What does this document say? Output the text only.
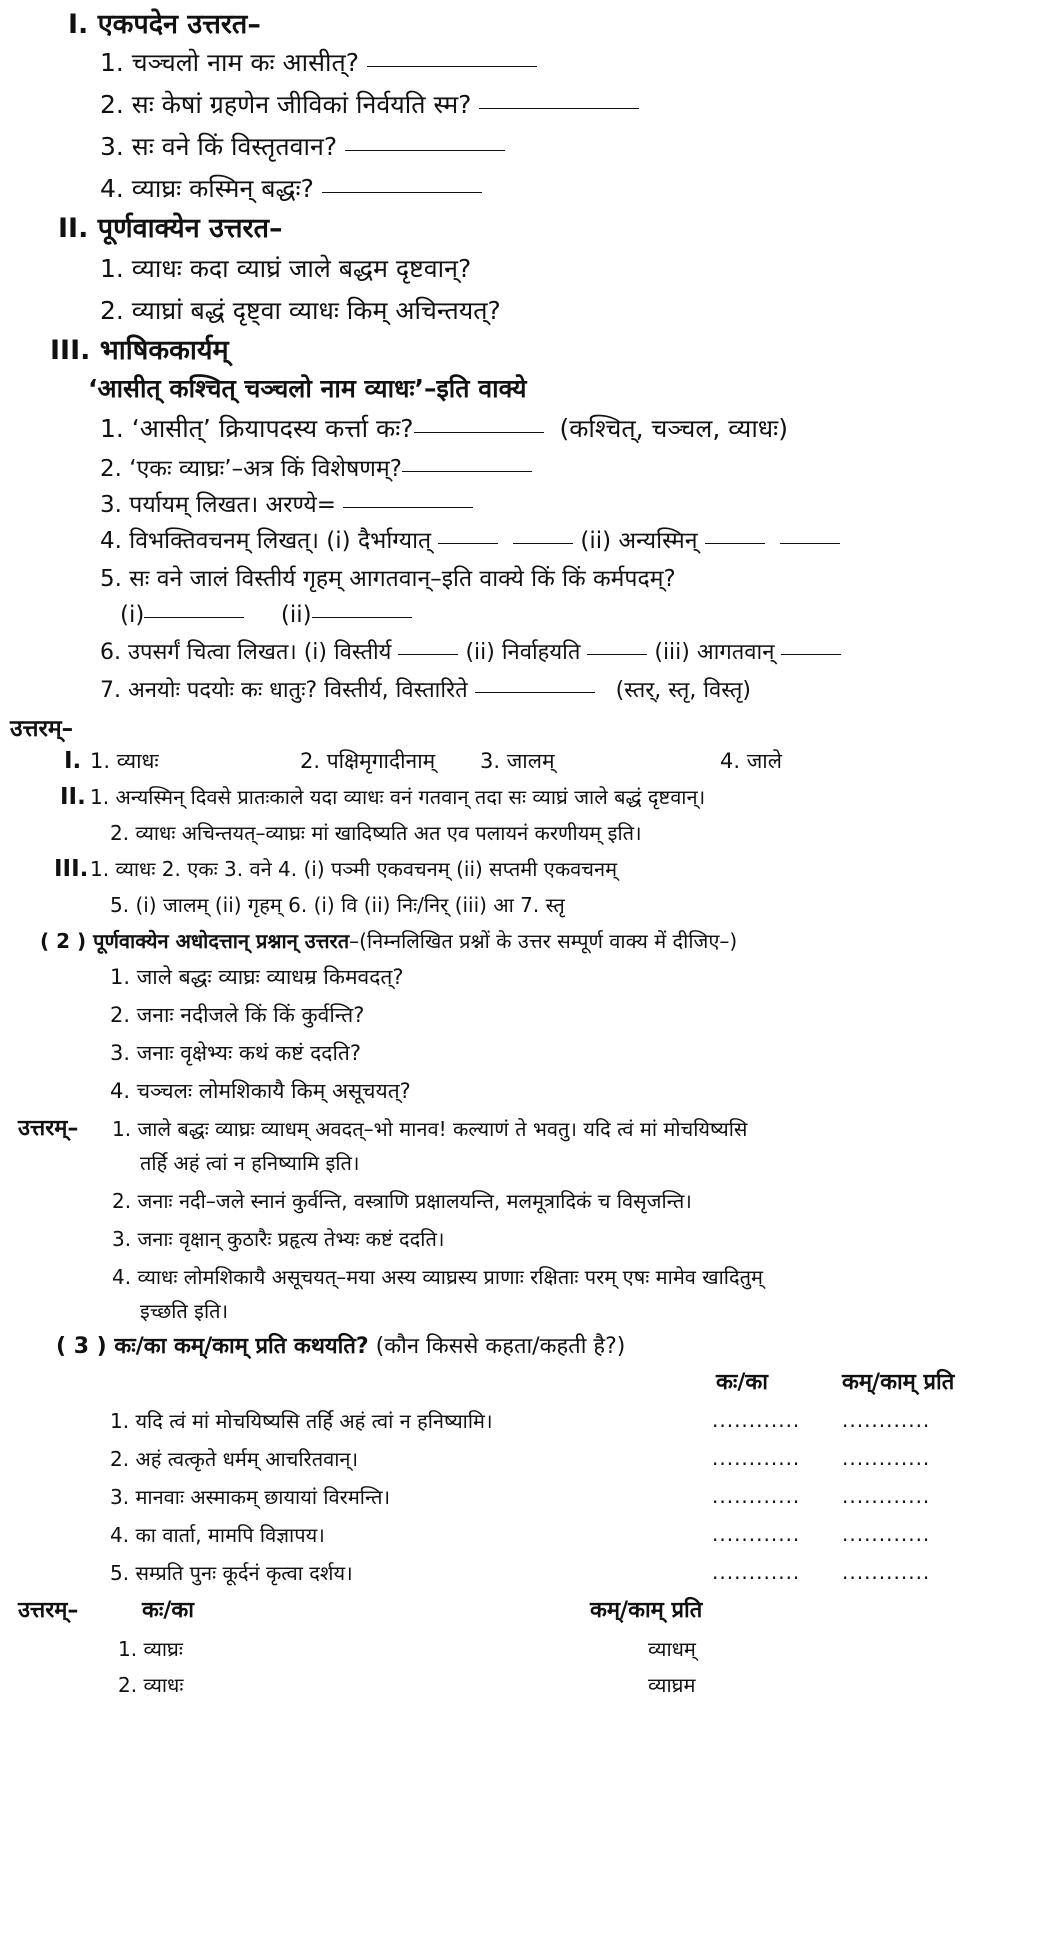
I. एकपदेन उत्तरत–
1. चञ्चलो नाम कः आसीत्?
2. सः केषां ग्रहणेन जीविकां निर्वयति स्म?
3. सः वने किं विस्तृतवान?
4. व्याघ्रः कस्मिन् बद्धः?
II. पूर्णवाक्येन उत्तरत–
1. व्याधः कदा व्याघ्रं जाले बद्धम दृष्टवान्?
2. व्याघ्रां बद्धं दृष्ट्वा व्याधः किम् अचिन्तयत्?
III. भाषिककार्यम्
‘आसीत् कश्चित् चञ्चलो नाम व्याधः’–इति वाक्ये
1. ‘आसीत्’ क्रियापदस्य कर्त्ता कः?	(कश्चित्, चञ्चल, व्याधः)
2. ‘एकः व्याघ्रः’–अत्र किं विशेषणम्?
3. पर्यायम् लिखत। अरण्ये=
4. विभक्तिवचनम् लिखत्। (i) दैर्भाग्यात्	(ii) अन्यस्मिन्
5. सः वने जालं विस्तीर्य गृहम् आगतवान्–इति वाक्ये किं किं कर्मपदम्?
(i)	(ii)
6. उपसर्गं चित्वा लिखत। (i) विस्तीर्य	(ii) निर्वाहयति	(iii) आगतवान्
7. अनयोः पदयोः कः धातुः? विस्तीर्य, विस्तारिते	(स्तर्, स्तृ, विस्तृ)
उत्तरम्–
I. 1. व्याधः	2. पक्षिमृगादीनाम् 3. जालम्	4. जाले
II. 1. अन्यस्मिन् दिवसे प्रातःकाले यदा व्याधः वनं गतवान् तदा सः व्याघ्रं जाले बद्धं दृष्टवान्।
2. व्याधः अचिन्तयत्–व्याघ्रः मां खादिष्यति अत एव पलायनं करणीयम् इति।
III. 1. व्याधः 2. एकः 3. वने 4. (i) पञ्मी एकवचनम् (ii) सप्तमी एकवचनम्
5. (i) जालम् (ii) गृहम् 6. (i) वि (ii) निः/निर् (iii) आ 7. स्तृ
( 2 ) पूर्णवाक्येन अधोदत्तान् प्रश्नान् उत्तरत–(निम्नलिखित प्रश्नों के उत्तर सम्पूर्ण वाक्य में दीजिए–)
1. जाले बद्धः व्याघ्रः व्याधम्र किमवदत्?
2. जनाः नदीजले किं किं कुर्वन्ति?
3. जनाः वृक्षेभ्यः कथं कष्टं ददति?
4. चञ्चलः लोमशिकायै किम् असूचयत्?
उत्तरम्– 1. जाले बद्धः व्याघ्रः व्याधम् अवदत्–भो मानव! कल्याणं ते भवतु। यदि त्वं मां मोचयिष्यसि
तर्हि अहं त्वां न हनिष्यामि इति।
2. जनाः नदी–जले स्नानं कुर्वन्ति, वस्त्राणि प्रक्षालयन्ति, मलमूत्रादिकं च विसृजन्ति।
3. जनाः वृक्षान् कुठारैः प्रहृत्य तेभ्यः कष्टं ददति।
4. व्याधः लोमशिकायै असूचयत्–मया अस्य व्याघ्रस्य प्राणाः रक्षिताः परम् एषः मामेव खादितुम्
इच्छति इति।
( 3 ) कः/का कम्/काम् प्रति कथयति? (कौन किससे कहता/कहती है?)
कः/का	कम्/काम् प्रति
1. यदि त्वं मां मोचयिष्यसि तर्हि अहं त्वां न हनिष्यामि।	............ ............
2. अहं त्वत्कृते धर्मम् आचरितवान्।	............ ............
3. मानवाः अस्माकम् छायायां विरमन्ति।	............ ............
4. का वार्ता, मामपि विज्ञापय।	............ ............
5. सम्प्रति पुनः कूर्दनं कृत्वा दर्शय।	............ ............
उत्तरम्–	कः/का	कम्/काम् प्रति
1. व्याघ्रः	व्याधम्
2. व्याधः	व्याघ्रम
